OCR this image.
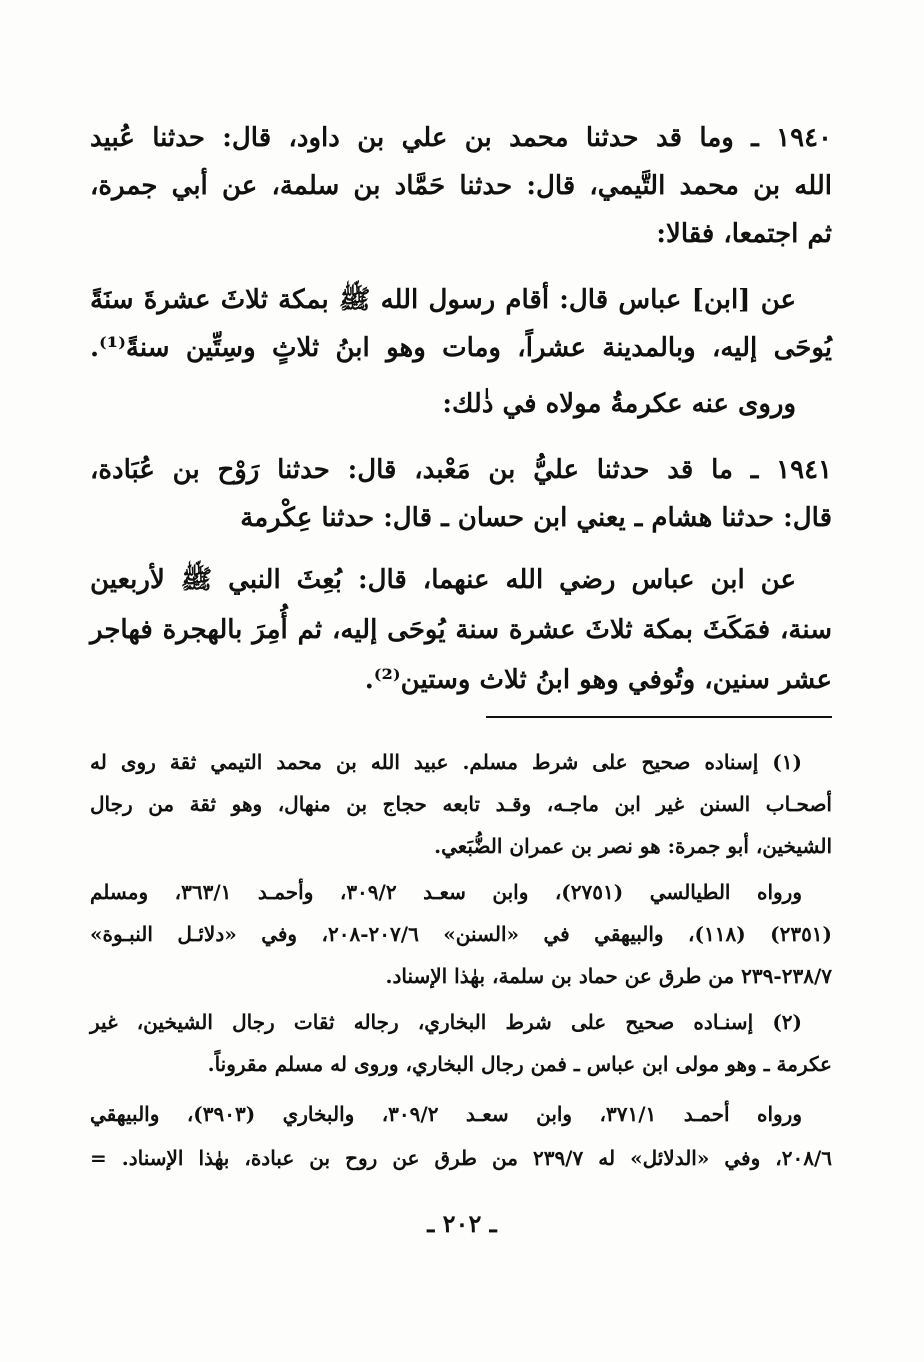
١٩٤٠ ـ وما قد حدثنا محمد بن علي بن داود، قال: حدثنا عُبيد
الله بن محمد التَّيمي، قال: حدثنا حَمَّاد بن سلمة، عن أبي جمرة،
ثم اجتمعا، فقالا:
عن [ابن] عباس قال: أقام رسول الله ﷺ بمكة ثلاثَ عشرةَ سنَةً
يُوحَى إليه، وبالمدينة عشراً، ومات وهو ابنُ ثلاثٍ وسِتِّين سنةً⁽¹⁾.
وروى عنه عكرمةُ مولاه في ذٰلك:
١٩٤١ ـ ما قد حدثنا عليُّ بن مَعْبد، قال: حدثنا رَوْح بن عُبَادة،
قال: حدثنا هشام ـ يعني ابن حسان ـ قال: حدثنا عِكْرمة
عن ابن عباس رضي الله عنهما، قال: بُعِثَ النبي ﷺ لأربعين
سنة، فمَكَثَ بمكة ثلاثَ عشرة سنة يُوحَى إليه، ثم أُمِرَ بالهجرة فهاجر
عشر سنين، وتُوفي وهو ابنُ ثلاث وستين⁽²⁾.
(١) إسناده صحيح على شرط مسلم. عبيد الله بن محمد التيمي ثقة روى له
أصحـاب السنن غير ابن ماجـه، وقـد تابعه حجاج بن منهال، وهو ثقة من رجال
الشيخين، أبو جمرة: هو نصر بن عمران الضُّبَعي.
ورواه الطيالسي (٢٧٥١)، وابن سعـد ٣٠٩/٢، وأحمـد ٣٦٣/١، ومسلم
(٢٣٥١) (١١٨)، والبيهقي في «السنن» ٢٠٧/٦-٢٠٨، وفي «دلائـل النبـوة»
٢٣٨/٧-٢٣٩ من طرق عن حماد بن سلمة، بهٰذا الإسناد.
(٢) إسنـاده صحيح على شرط البخاري، رجاله ثقات رجال الشيخين، غير
عكرمة ـ وهو مولى ابن عباس ـ فمن رجال البخاري، وروى له مسلم مقروناً.
ورواه أحمـد ٣٧١/١، وابن سعـد ٣٠٩/٢، والبخاري (٣٩٠٣)، والبيهقي
٢٠٨/٦، وفي «الدلائل» له ٢٣٩/٧ من طرق عن روح بن عبادة، بهٰذا الإسناد. =
ـ ٢٠٢ ـ
